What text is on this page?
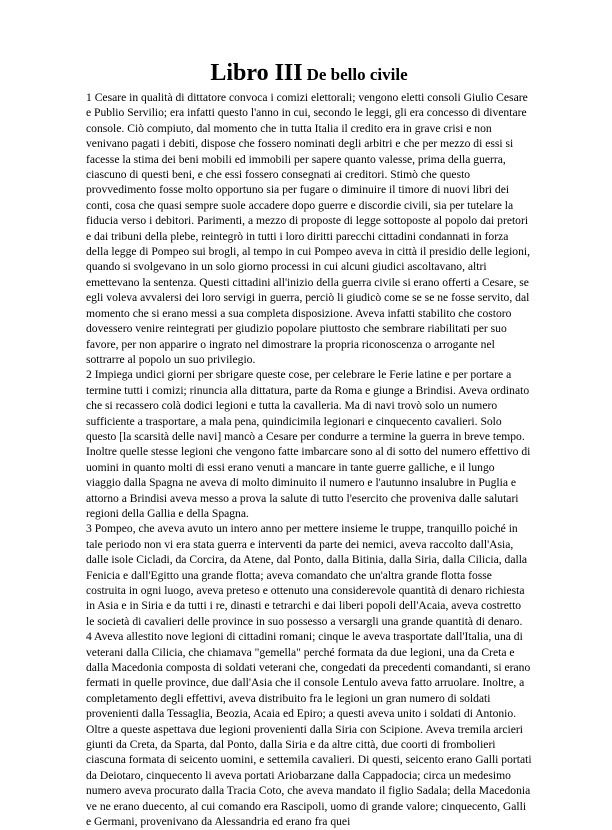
Libro III De bello civile

1 Cesare in qualità di dittatore convoca i comizi elettorali; vengono eletti consoli Giulio Cesare e Publio Servilio; era infatti questo l'anno in cui, secondo le leggi, gli era concesso di diventare console. Ciò compiuto, dal momento che in tutta Italia il credito era in grave crisi e non venivano pagati i debiti, dispose che fossero nominati degli arbitri e che per mezzo di essi si facesse la stima dei beni mobili ed immobili per sapere quanto valesse, prima della guerra, ciascuno di questi beni, e che essi fossero consegnati ai creditori. Stimò che questo provvedimento fosse molto opportuno sia per fugare o diminuire il timore di nuovi libri dei conti, cosa che quasi sempre suole accadere dopo guerre e discordie civili, sia per tutelare la fiducia verso i debitori. Parimenti, a mezzo di proposte di legge sottoposte al popolo dai pretori e dai tribuni della plebe, reintegrò in tutti i loro diritti parecchi cittadini condannati in forza della legge di Pompeo sui brogli, al tempo in cui Pompeo aveva in città il presidio delle legioni, quando si svolgevano in un solo giorno processi in cui alcuni giudici ascoltavano, altri emettevano la sentenza. Questi cittadini all'inizio della guerra civile si erano offerti a Cesare, se egli voleva avvalersi dei loro servigi in guerra, perciò li giudicò come se se ne fosse servito, dal momento che si erano messi a sua completa disposizione. Aveva infatti stabilito che costoro dovessero venire reintegrati per giudizio popolare piuttosto che sembrare riabilitati per suo favore, per non apparire o ingrato nel dimostrare la propria riconoscenza o arrogante nel sottrarre al popolo un suo privilegio.

2 Impiega undici giorni per sbrigare queste cose, per celebrare le Ferie latine e per portare a termine tutti i comizi; rinuncia alla dittatura, parte da Roma e giunge a Brindisi. Aveva ordinato che si recassero colà dodici legioni e tutta la cavalleria. Ma di navi trovò solo un numero sufficiente a trasportare, a mala pena, quindicimila legionari e cinquecento cavalieri. Solo questo [la scarsità delle navi] mancò a Cesare per condurre a termine la guerra in breve tempo. Inoltre quelle stesse legioni che vengono fatte imbarcare sono al di sotto del numero effettivo di uomini in quanto molti di essi erano venuti a mancare in tante guerre galliche, e il lungo viaggio dalla Spagna ne aveva di molto diminuito il numero e l'autunno insalubre in Puglia e attorno a Brindisi aveva messo a prova la salute di tutto l'esercito che proveniva dalle salutari regioni della Gallia e della Spagna.

3 Pompeo, che aveva avuto un intero anno per mettere insieme le truppe, tranquillo poiché in tale periodo non vi era stata guerra e interventi da parte dei nemici, aveva raccolto dall'Asia, dalle isole Cicladi, da Corcira, da Atene, dal Ponto, dalla Bitinia, dalla Siria, dalla Cilicia, dalla Fenicia e dall'Egitto una grande flotta; aveva comandato che un'altra grande flotta fosse costruita in ogni luogo, aveva preteso e ottenuto una considerevole quantità di denaro richiesta in Asia e in Siria e da tutti i re, dinasti e tetrarchi e dai liberi popoli dell'Acaia, aveva costretto le società di cavalieri delle province in suo possesso a versargli una grande quantità di denaro.

4 Aveva allestito nove legioni di cittadini romani; cinque le aveva trasportate dall'Italia, una di veterani dalla Cilicia, che chiamava "gemella" perché formata da due legioni, una da Creta e dalla Macedonia composta di soldati veterani che, congedati da precedenti comandanti, si erano fermati in quelle province, due dall'Asia che il console Lentulo aveva fatto arruolare. Inoltre, a completamento degli effettivi, aveva distribuito fra le legioni un gran numero di soldati provenienti dalla Tessaglia, Beozia, Acaia ed Epiro; a questi aveva unito i soldati di Antonio. Oltre a queste aspettava due legioni provenienti dalla Siria con Scipione. Aveva tremila arcieri giunti da Creta, da Sparta, dal Ponto, dalla Siria e da altre città, due coorti di frombolieri ciascuna formata di seicento uomini, e settemila cavalieri. Di questi, seicento erano Galli portati da Deiotaro, cinquecento li aveva portati Ariobarzane dalla Cappadocia; circa un medesimo numero aveva procurato dalla Tracia Coto, che aveva mandato il figlio Sadala; della Macedonia ve ne erano duecento, al cui comando era Rascipoli, uomo di grande valore; cinquecento, Galli e Germani, provenivano da Alessandria ed erano fra quei
